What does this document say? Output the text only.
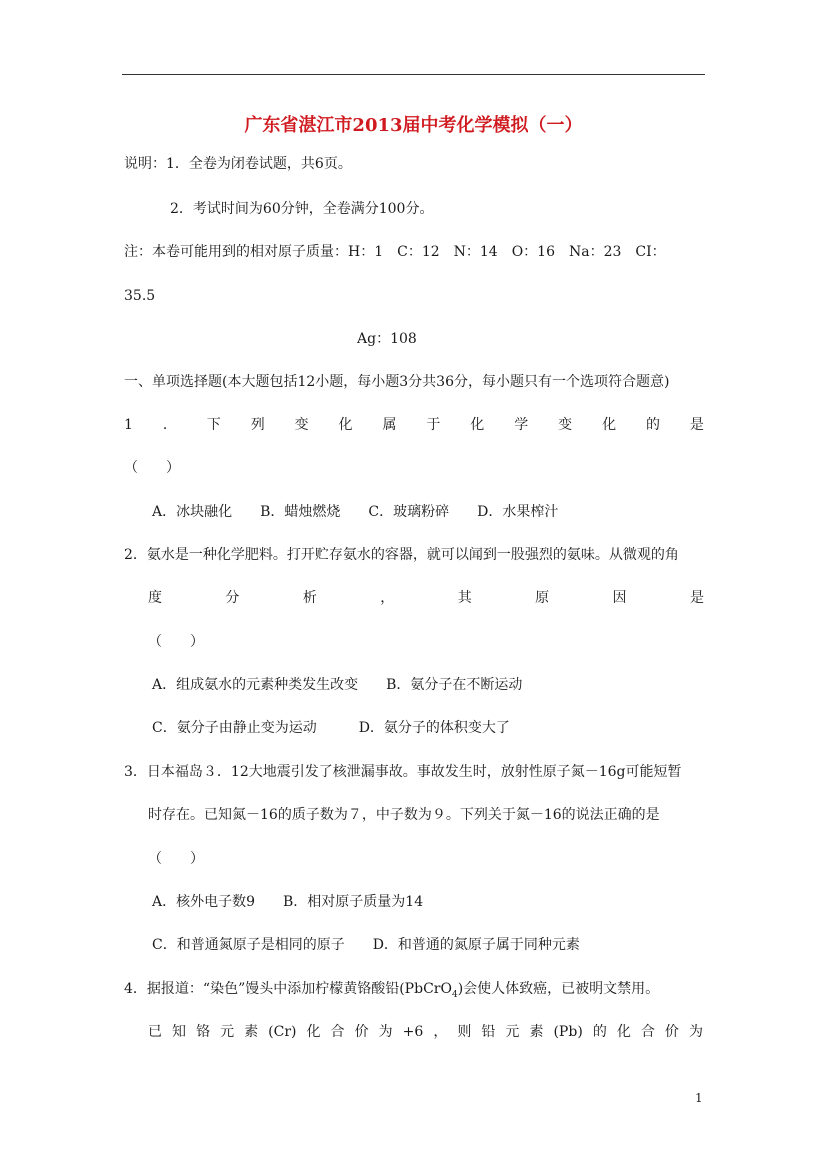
广东省湛江市2013届中考化学模拟（一）
说明：1．全卷为闭卷试题，共6页。
2．考试时间为60分钟，全卷满分100分。
注：本卷可能用到的相对原子质量：H：1　C：12　N：14　O：16　Na：23　CI：
35.5
Ag：108
一、单项选择题(本大题包括12小题，每小题3分共36分，每小题只有一个选项符合题意)
1 ． 下 列 变 化 属 于 化 学 变 化 的 是
（　　）
A．冰块融化　　B．蜡烛燃烧　　C．玻璃粉碎　　D．水果榨汁
2．氨水是一种化学肥料。打开贮存氨水的容器，就可以闻到一股强烈的氨味。从微观的角
度	分	析	，	其	原	因	是
（　　）
A．组成氨水的元素种类发生改变　　B．氨分子在不断运动
C．氨分子由静止变为运动　　　D．氨分子的体积变大了
3．日本福岛３．12大地震引发了核泄漏事故。事故发生时，放射性原子氮－16g可能短暂
时存在。已知氮－16的质子数为７，中子数为９。下列关于氮－16的说法正确的是
（　　）
A．核外电子数9　　B．相对原子质量为14
C．和普通氮原子是相同的原子　　D．和普通的氮原子属于同种元素
4．据报道：“染色”馒头中添加柠檬黄铬酸铅(PbCrO$_4$)会使人体致癌，已被明文禁用。
已 知 铬 元 素 (Cr) 化 合 价 为 +6 ， 则 铅 元 素 (Pb) 的 化 合 价 为
1
